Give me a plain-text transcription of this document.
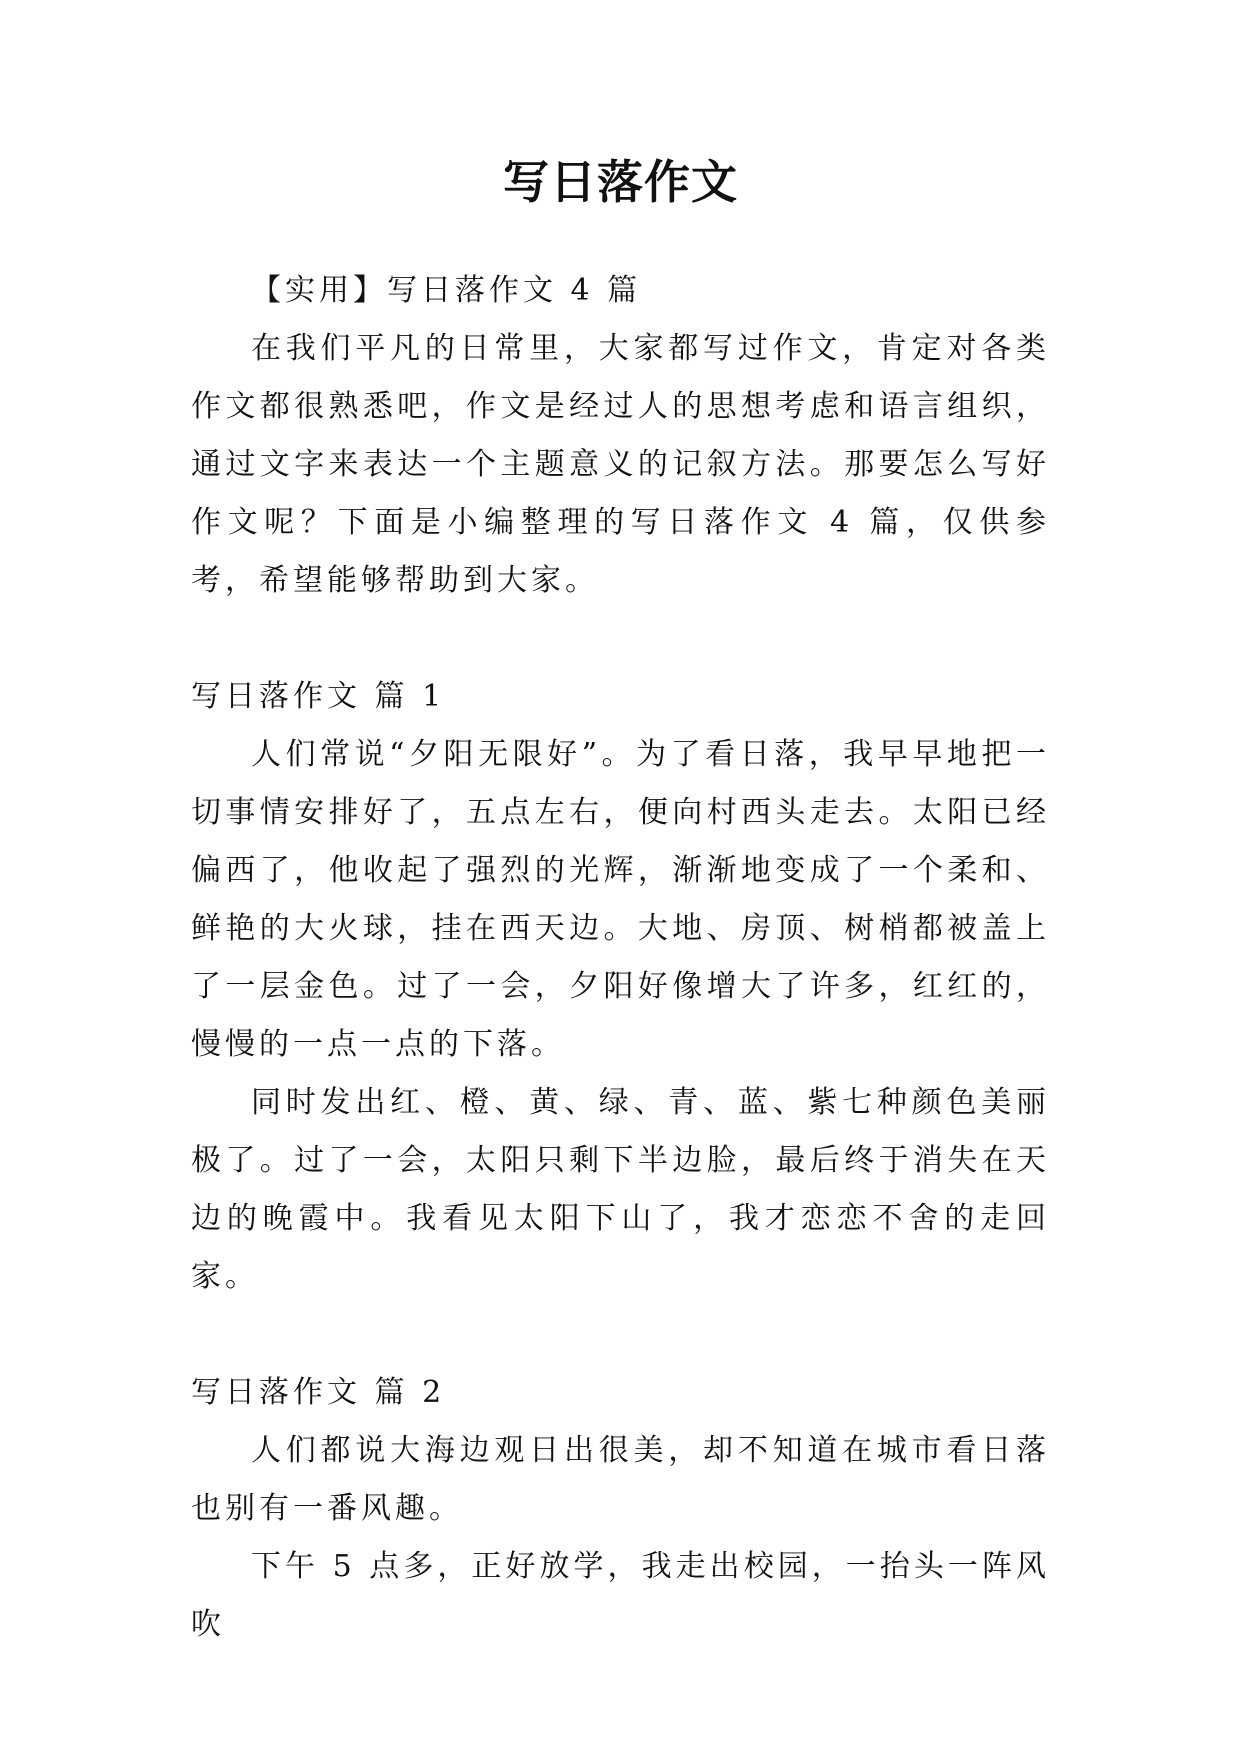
写日落作文

【实用】写日落作文 4 篇

在我们平凡的日常里，大家都写过作文，肯定对各类作文都很熟悉吧，作文是经过人的思想考虑和语言组织，通过文字来表达一个主题意义的记叙方法。那要怎么写好作文呢？下面是小编整理的写日落作文 4 篇，仅供参考，希望能够帮助到大家。

写日落作文 篇 1

人们常说“夕阳无限好”。为了看日落，我早早地把一切事情安排好了，五点左右，便向村西头走去。太阳已经偏西了，他收起了强烈的光辉，渐渐地变成了一个柔和、鲜艳的大火球，挂在西天边。大地、房顶、树梢都被盖上了一层金色。过了一会，夕阳好像增大了许多，红红的，慢慢的一点一点的下落。

同时发出红、橙、黄、绿、青、蓝、紫七种颜色美丽极了。过了一会，太阳只剩下半边脸，最后终于消失在天边的晚霞中。我看见太阳下山了，我才恋恋不舍的走回家。

写日落作文 篇 2

人们都说大海边观日出很美，却不知道在城市看日落也别有一番风趣。

下午 5 点多，正好放学，我走出校园，一抬头一阵风吹
